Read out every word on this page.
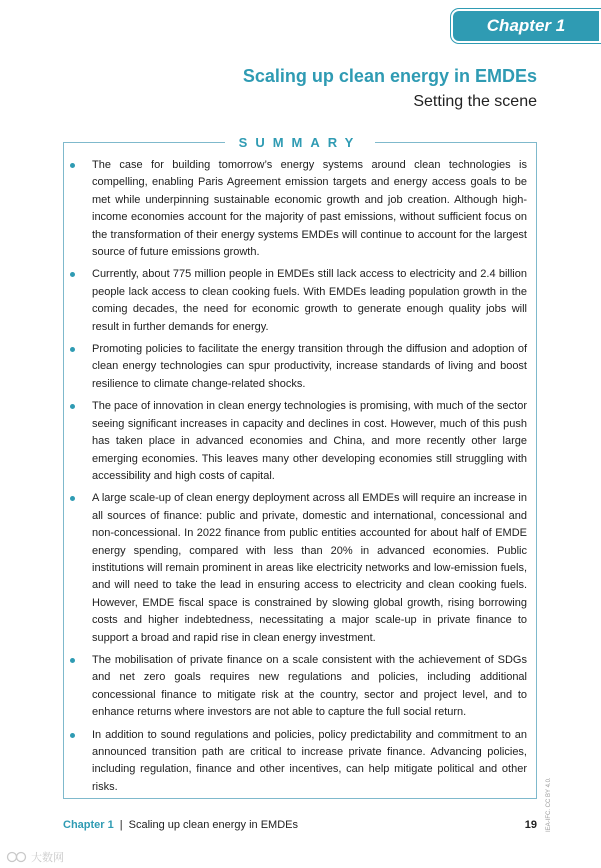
Chapter 1
Scaling up clean energy in EMDEs
Setting the scene
SUMMARY
The case for building tomorrow’s energy systems around clean technologies is compelling, enabling Paris Agreement emission targets and energy access goals to be met while underpinning sustainable economic growth and job creation. Although high-income economies account for the majority of past emissions, without sufficient focus on the transformation of their energy systems EMDEs will continue to account for the largest source of future emissions growth.
Currently, about 775 million people in EMDEs still lack access to electricity and 2.4 billion people lack access to clean cooking fuels. With EMDEs leading population growth in the coming decades, the need for economic growth to generate enough quality jobs will result in further demands for energy.
Promoting policies to facilitate the energy transition through the diffusion and adoption of clean energy technologies can spur productivity, increase standards of living and boost resilience to climate change-related shocks.
The pace of innovation in clean energy technologies is promising, with much of the sector seeing significant increases in capacity and declines in cost. However, much of this push has taken place in advanced economies and China, and more recently other large emerging economies. This leaves many other developing economies still struggling with accessibility and high costs of capital.
A large scale-up of clean energy deployment across all EMDEs will require an increase in all sources of finance: public and private, domestic and international, concessional and non-concessional. In 2022 finance from public entities accounted for about half of EMDE energy spending, compared with less than 20% in advanced economies. Public institutions will remain prominent in areas like electricity networks and low-emission fuels, and will need to take the lead in ensuring access to electricity and clean cooking fuels. However, EMDE fiscal space is constrained by slowing global growth, rising borrowing costs and higher indebtedness, necessitating a major scale-up in private finance to support a broad and rapid rise in clean energy investment.
The mobilisation of private finance on a scale consistent with the achievement of SDGs and net zero goals requires new regulations and policies, including additional concessional finance to mitigate risk at the country, sector and project level, and to enhance returns where investors are not able to capture the full social return.
In addition to sound regulations and policies, policy predictability and commitment to an announced transition path are critical to increase private finance. Advancing policies, including regulation, finance and other incentives, can help mitigate political and other risks.
Chapter 1 | Scaling up clean energy in EMDEs	19 IEA-IFC. CC BY 4.0.
大数网
